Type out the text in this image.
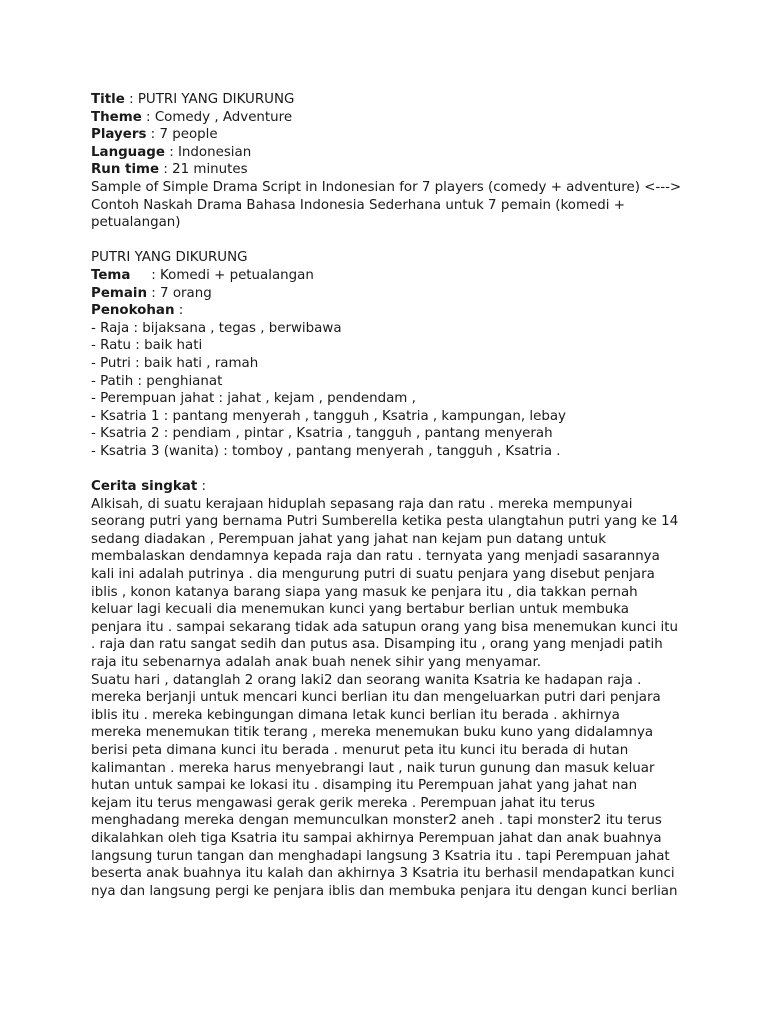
Title : PUTRI YANG DIKURUNG
Theme : Comedy , Adventure
Players : 7 people
Language : Indonesian
Run time : 21 minutes
Sample of Simple Drama Script in Indonesian for 7 players (comedy + adventure) <--->
Contoh Naskah Drama Bahasa Indonesia Sederhana untuk 7 pemain (komedi +
petualangan)
PUTRI YANG DIKURUNG
Tema : Komedi + petualangan
Pemain : 7 orang
Penokohan :
- Raja : bijaksana , tegas , berwibawa
- Ratu : baik hati
- Putri : baik hati , ramah
- Patih : penghianat
- Perempuan jahat : jahat , kejam , pendendam ,
- Ksatria 1 : pantang menyerah , tangguh , Ksatria , kampungan, lebay
- Ksatria 2 : pendiam , pintar , Ksatria , tangguh , pantang menyerah
- Ksatria 3 (wanita) : tomboy , pantang menyerah , tangguh , Ksatria .
Cerita singkat :
Alkisah, di suatu kerajaan hiduplah sepasang raja dan ratu . mereka mempunyai
seorang putri yang bernama Putri Sumberella ketika pesta ulangtahun putri yang ke 14
sedang diadakan , Perempuan jahat yang jahat nan kejam pun datang untuk
membalaskan dendamnya kepada raja dan ratu . ternyata yang menjadi sasarannya
kali ini adalah putrinya . dia mengurung putri di suatu penjara yang disebut penjara
iblis , konon katanya barang siapa yang masuk ke penjara itu , dia takkan pernah
keluar lagi kecuali dia menemukan kunci yang bertabur berlian untuk membuka
penjara itu . sampai sekarang tidak ada satupun orang yang bisa menemukan kunci itu
. raja dan ratu sangat sedih dan putus asa. Disamping itu , orang yang menjadi patih
raja itu sebenarnya adalah anak buah nenek sihir yang menyamar.
Suatu hari , datanglah 2 orang laki2 dan seorang wanita Ksatria ke hadapan raja .
mereka berjanji untuk mencari kunci berlian itu dan mengeluarkan putri dari penjara
iblis itu . mereka kebingungan dimana letak kunci berlian itu berada . akhirnya
mereka menemukan titik terang , mereka menemukan buku kuno yang didalamnya
berisi peta dimana kunci itu berada . menurut peta itu kunci itu berada di hutan
kalimantan . mereka harus menyebrangi laut , naik turun gunung dan masuk keluar
hutan untuk sampai ke lokasi itu . disamping itu Perempuan jahat yang jahat nan
kejam itu terus mengawasi gerak gerik mereka . Perempuan jahat itu terus
menghadang mereka dengan memunculkan monster2 aneh . tapi monster2 itu terus
dikalahkan oleh tiga Ksatria itu sampai akhirnya Perempuan jahat dan anak buahnya
langsung turun tangan dan menghadapi langsung 3 Ksatria itu . tapi Perempuan jahat
beserta anak buahnya itu kalah dan akhirnya 3 Ksatria itu berhasil mendapatkan kunci
nya dan langsung pergi ke penjara iblis dan membuka penjara itu dengan kunci berlian
